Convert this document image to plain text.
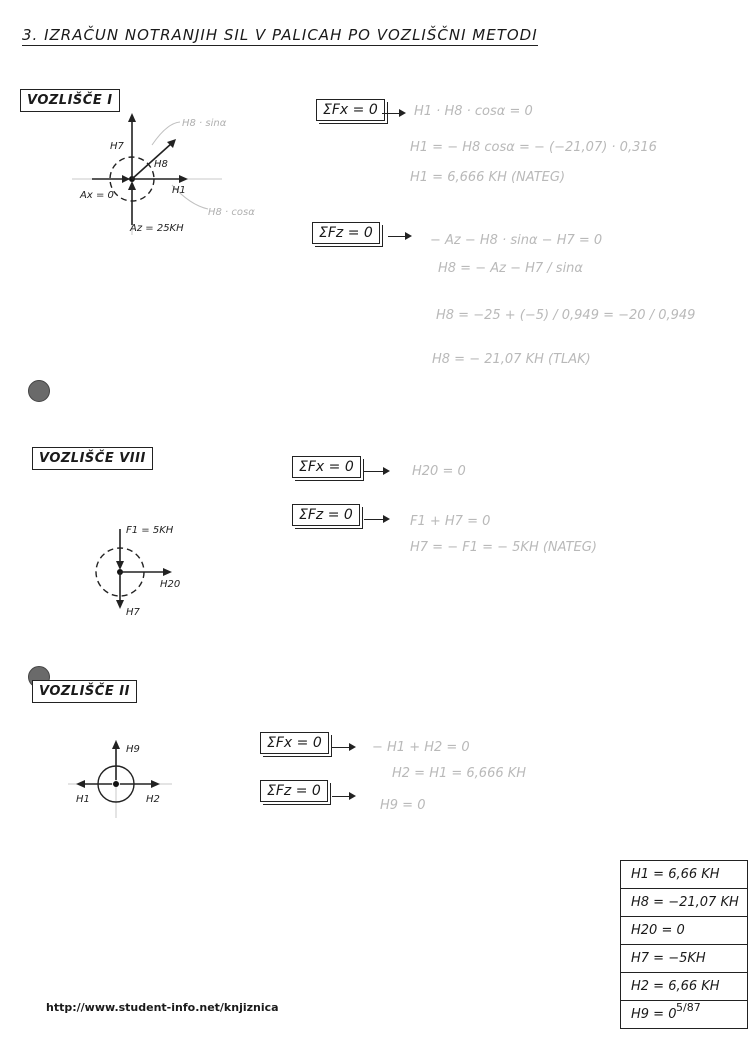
3. IZRAČUN NOTRANJIH SIL V PALICAH PO VOZLIŠČNI METODI
VOZLIŠČE I
H7
H8
Ax = 0	H1
Az = 25KH
H8 · sinα
H8 · cosα
ΣFx = 0	H1 · H8 · cosα = 0
H1 = − H8 cosα = − (−21,07) · 0,316
H1 = 6,666 KH (NATEG)
ΣFz = 0	− Az − H8 · sinα − H7 = 0
H8 = − Az − H7 / sinα
H8 = −25 + (−5) / 0,949 = −20 / 0,949
H8 = − 21,07 KH (TLAK)
VOZLIŠČE VIII
F1 = 5KH
H20
H7
ΣFx = 0	H20 = 0
ΣFz = 0	F1 + H7 = 0
H7 = − F1 = − 5KH (NATEG)
VOZLIŠČE II
H9
H1	H2
ΣFx = 0	− H1 + H2 = 0
H2 = H1 = 6,666 KH
ΣFz = 0
H9 = 0
H1 = 6,66 KH
H8 = −21,07 KH
H20 = 0
H7 = −5KH
H2 = 6,66 KH
H9 = 0
http://www.student-info.net/knjiznica	5/87
